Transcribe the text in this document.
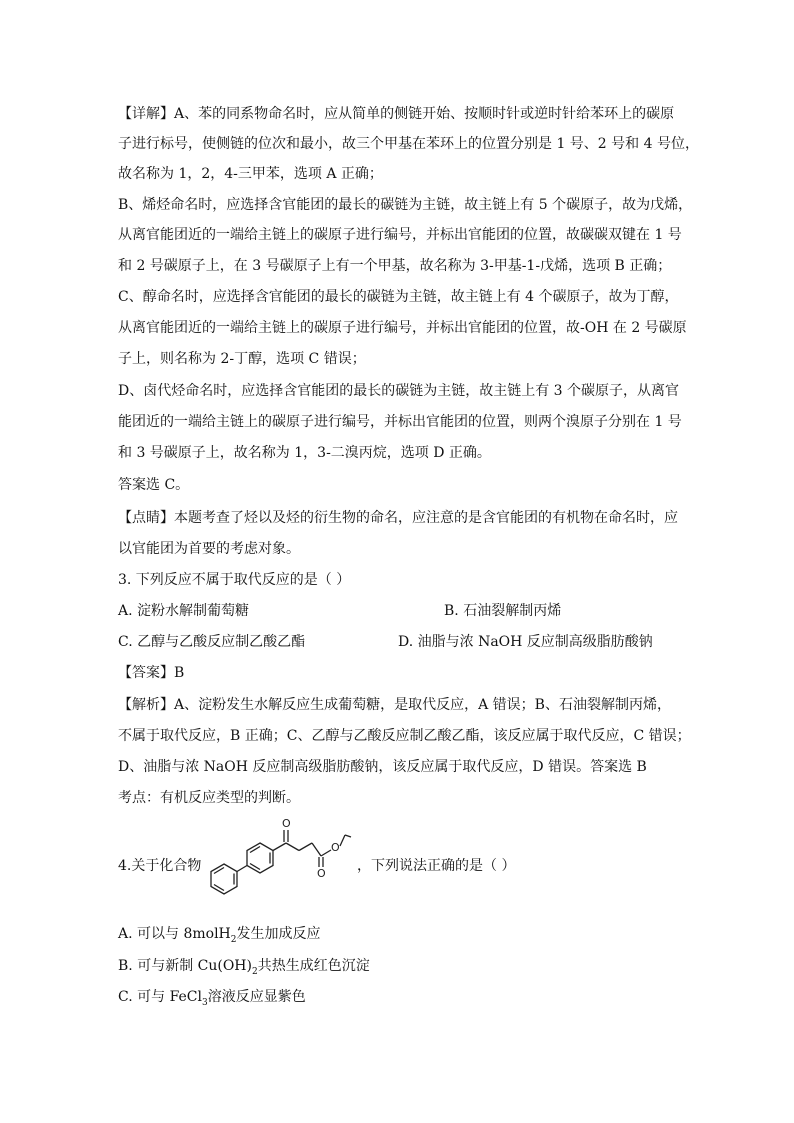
【详解】A、苯的同系物命名时，应从简单的侧链开始、按顺时针或逆时针给苯环上的碳原
子进行标号，使侧链的位次和最小，故三个甲基在苯环上的位置分别是 1 号、2 号和 4 号位，
故名称为 1，2，4-三甲苯，选项 A 正确；
B、烯烃命名时，应选择含官能团的最长的碳链为主链，故主链上有 5 个碳原子，故为戊烯，
从离官能团近的一端给主链上的碳原子进行编号，并标出官能团的位置，故碳碳双键在 1 号
和 2 号碳原子上，在 3 号碳原子上有一个甲基，故名称为 3-甲基-1-戊烯，选项 B 正确；
C、醇命名时，应选择含官能团的最长的碳链为主链，故主链上有 4 个碳原子，故为丁醇，
从离官能团近的一端给主链上的碳原子进行编号，并标出官能团的位置，故-OH 在 2 号碳原
子上，则名称为 2-丁醇，选项 C 错误；
D、卤代烃命名时，应选择含官能团的最长的碳链为主链，故主链上有 3 个碳原子，从离官
能团近的一端给主链上的碳原子进行编号，并标出官能团的位置，则两个溴原子分别在 1 号
和 3 号碳原子上，故名称为 1，3-二溴丙烷，选项 D 正确。
答案选 C。
【点睛】本题考查了烃以及烃的衍生物的命名，应注意的是含官能团的有机物在命名时，应
以官能团为首要的考虑对象。
3. 下列反应不属于取代反应的是（ ）
A. 淀粉水解制葡萄糖	B. 石油裂解制丙烯
C. 乙醇与乙酸反应制乙酸乙酯	D. 油脂与浓 NaOH 反应制高级脂肪酸钠
【答案】B
【解析】A、淀粉发生水解反应生成葡萄糖，是取代反应，A 错误；B、石油裂解制丙烯，
不属于取代反应，B 正确；C、乙醇与乙酸反应制乙酸乙酯，该反应属于取代反应，C 错误；
D、油脂与浓 NaOH 反应制高级脂肪酸钠，该反应属于取代反应，D 错误。答案选 B
考点：有机反应类型的判断。
4.关于化合物
O
O
O
，下列说法正确的是（ ）
A. 可以与 8molH$_2$发生加成反应
B. 可与新制 $Cu(OH)_2$共热生成红色沉淀
C. 可与 FeCl$_3$溶液反应显紫色
